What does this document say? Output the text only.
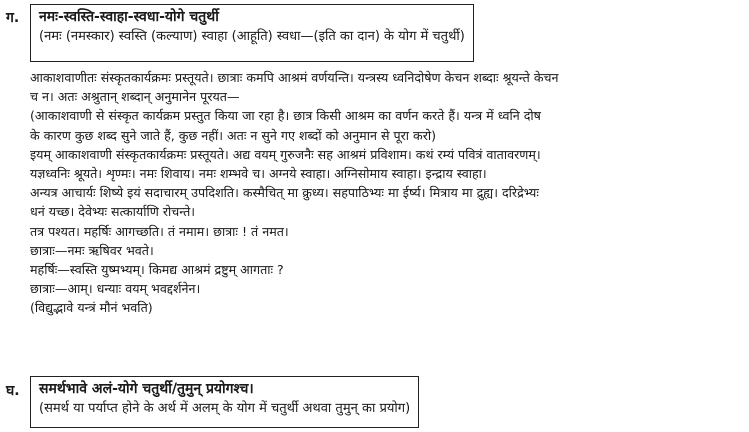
ग. नमः-स्वस्ति-स्वाहा-स्वधा-योगे चतुर्थी
(नमः (नमस्कार) स्वस्ति (कल्याण) स्वाहा (आहूति) स्वधा—(इति का दान) के योग में चतुर्थी)
आकाशवाणीतः संस्कृतकार्यक्रमः प्रस्तूयते। छात्राः कमपि आश्रमं वर्णयन्ति। यन्त्रस्य ध्वनिदोषेण केचन शब्दाः श्रूयन्ते केचन
च न। अतः अश्रुतान् शब्दान् अनुमानेन पूरयत—
(आकाशवाणी से संस्कृत कार्यक्रम प्रस्तुत किया जा रहा है। छात्र किसी आश्रम का वर्णन करते हैं। यन्त्र में ध्वनि दोष
के कारण कुछ शब्द सुने जाते हैं, कुछ नहीं। अतः न सुने गए शब्दों को अनुमान से पूरा करो)
इयम् आकाशवाणी संस्कृतकार्यक्रमः प्रस्तूयते। अद्य वयम् गुरुजनैः सह आश्रमं प्रविशाम। कथं रम्यं पवित्रं वातावरणम्।
यज्ञध्वनिः श्रूयते। शृण्मः। नमः शिवाय। नमः शम्भवे च। अग्नये स्वाहा। अग्निसोमाय स्वाहा। इन्द्राय स्वाहा।
अन्यत्र आचार्यः शिष्ये इयं सदाचारम् उपदिशति। कस्मैचित् मा क्रुध्य। सहपाठिभ्यः मा ईर्ष्य। मित्राय मा द्रुह्य। दरिद्रेभ्यः
धनं यच्छ। देवेभ्यः सत्कार्याणि रोचन्ते।
तत्र पश्यत। महर्षिः आगच्छति। तं नमाम। छात्राः ! तं नमत।
छात्राः—नमः ऋषिवर भवते।
महर्षिः—स्वस्ति युष्मभ्यम्। किमद्य आश्रमं द्रष्टुम् आगताः ?
छात्राः—आम्। धन्याः वयम् भवद्दर्शनेन।
(विद्युद्भावे यन्त्रं मौनं भवति)
घ. समर्थभावे अलं-योगे चतुर्थी/तुमुन् प्रयोगश्च।
(समर्थ या पर्याप्त होने के अर्थ में अलम् के योग में चतुर्थी अथवा तुमुन् का प्रयोग)
